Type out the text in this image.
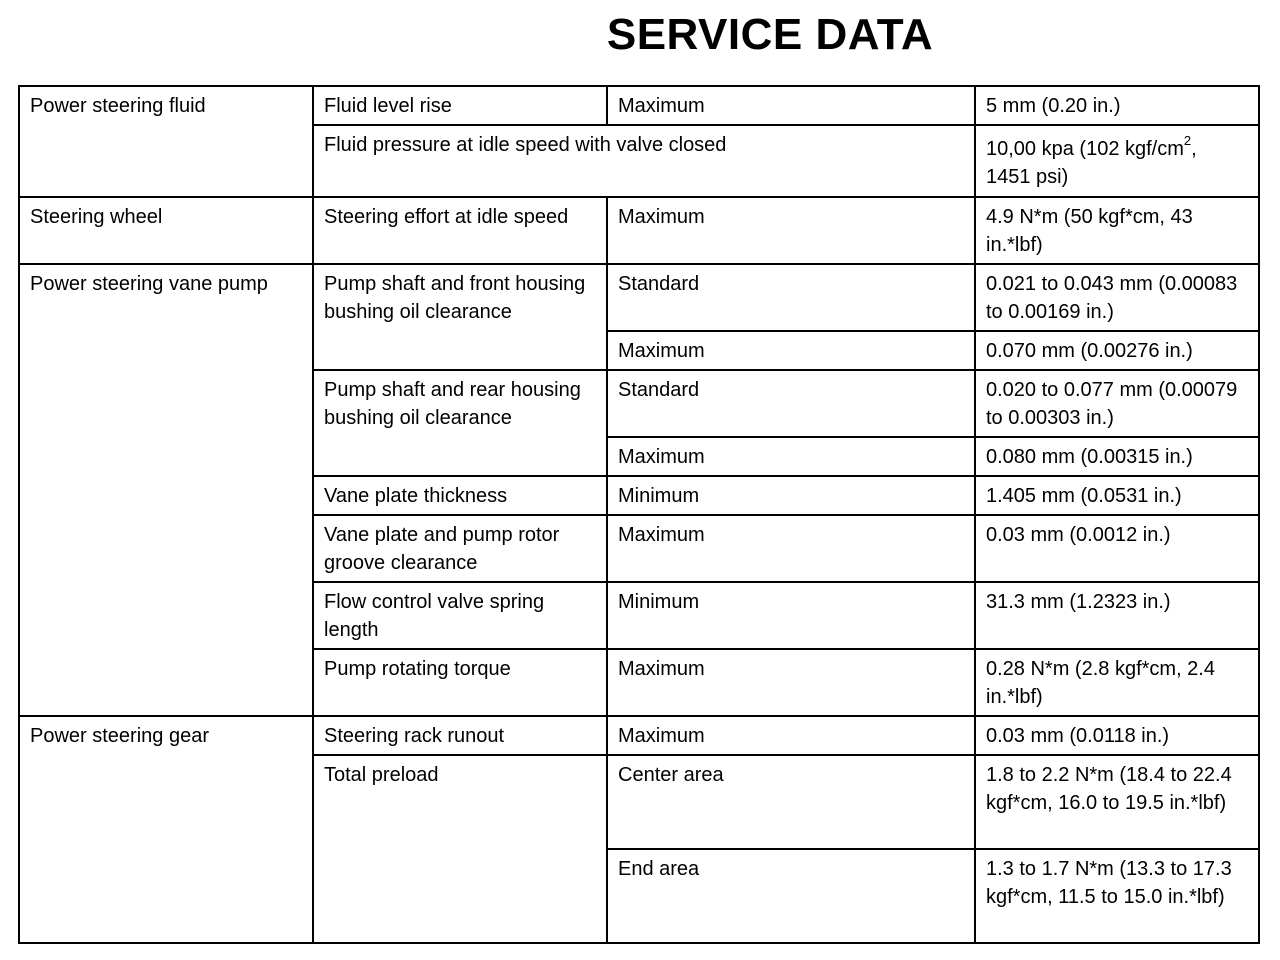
SERVICE DATA
Power steering fluid	Fluid level rise	Maximum	5 mm (0.20 in.)
	Fluid pressure at idle speed with valve closed		10,00 kpa (102 kgf/$cm^2$,
1451 psi)
Steering wheel	Steering effort at idle speed	Maximum	4.9 N*m (50 kgf*cm, 43 in.*lbf)
Power steering vane pump	Pump shaft and front housing bushing oil clearance	Standard	0.021 to 0.043 mm (0.00083 to 0.00169 in.)
		Maximum	0.070 mm (0.00276 in.)
	Pump shaft and rear housing bushing oil clearance	Standard	0.020 to 0.077 mm (0.00079 to 0.00303 in.)
		Maximum	0.080 mm (0.00315 in.)
	Vane plate thickness	Minimum	1.405 mm (0.0531 in.)
	Vane plate and pump rotor groove clearance	Maximum	0.03 mm (0.0012 in.)
	Flow control valve spring length	Minimum	31.3 mm (1.2323 in.)
	Pump rotating torque	Maximum	0.28 N*m (2.8 kgf*cm, 2.4 in.*lbf)
Power steering gear	Steering rack runout	Maximum	0.03 mm (0.0118 in.)
	Total preload	Center area	1.8 to 2.2 N*m (18.4 to 22.4 kgf*cm, 16.0 to 19.5 in.*lbf)
		End area	1.3 to 1.7 N*m (13.3 to 17.3 kgf*cm, 11.5 to 15.0 in.*lbf)
